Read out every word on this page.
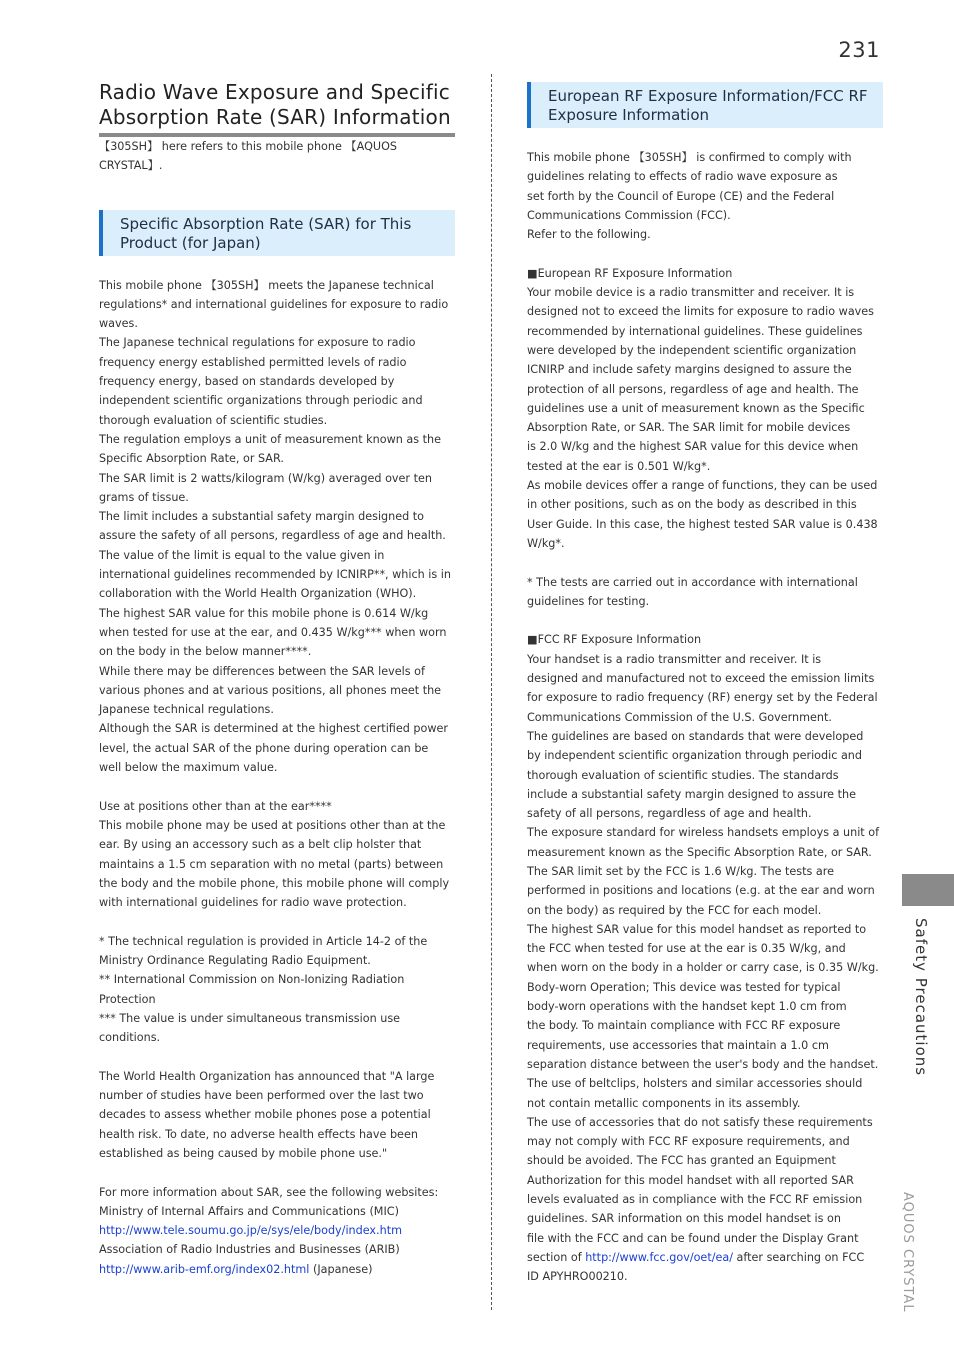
231
Radio Wave Exposure and Specific Absorption Rate (SAR) Information

【305SH】 here refers to this mobile phone 【AQUOS
CRYSTAL】.

Specific Absorption Rate (SAR) for This Product (for Japan)
This mobile phone 【305SH】 meets the Japanese technical
regulations* and international guidelines for exposure to radio
waves.
The Japanese technical regulations for exposure to radio
frequency energy established permitted levels of radio
frequency energy, based on standards developed by
independent scientific organizations through periodic and
thorough evaluation of scientific studies.
The regulation employs a unit of measurement known as the
Specific Absorption Rate, or SAR.
The SAR limit is 2 watts/kilogram (W/kg) averaged over ten
grams of tissue.
The limit includes a substantial safety margin designed to
assure the safety of all persons, regardless of age and health.
The value of the limit is equal to the value given in
international guidelines recommended by ICNIRP**, which is in
collaboration with the World Health Organization (WHO).
The highest SAR value for this mobile phone is 0.614 W/kg
when tested for use at the ear, and 0.435 W/kg*** when worn
on the body in the below manner****.
While there may be differences between the SAR levels of
various phones and at various positions, all phones meet the
Japanese technical regulations.
Although the SAR is determined at the highest certified power
level, the actual SAR of the phone during operation can be
well below the maximum value.

Use at positions other than at the ear****
This mobile phone may be used at positions other than at the
ear. By using an accessory such as a belt clip holster that
maintains a 1.5 cm separation with no metal (parts) between
the body and the mobile phone, this mobile phone will comply
with international guidelines for radio wave protection.

* The technical regulation is provided in Article 14-2 of the
Ministry Ordinance Regulating Radio Equipment.
** International Commission on Non-Ionizing Radiation
Protection
*** The value is under simultaneous transmission use
conditions.

The World Health Organization has announced that "A large
number of studies have been performed over the last two
decades to assess whether mobile phones pose a potential
health risk. To date, no adverse health effects have been
established as being caused by mobile phone use."

For more information about SAR, see the following websites:
Ministry of Internal Affairs and Communications (MIC)
http://www.tele.soumu.go.jp/e/sys/ele/body/index.htm
Association of Radio Industries and Businesses (ARIB)
http://www.arib-emf.org/index02.html (Japanese)
European RF Exposure Information/FCC RF Exposure Information
This mobile phone 【305SH】 is confirmed to comply with
guidelines relating to effects of radio wave exposure as
set forth by the Council of Europe (CE) and the Federal
Communications Commission (FCC).
Refer to the following.

■European RF Exposure Information
Your mobile device is a radio transmitter and receiver. It is
designed not to exceed the limits for exposure to radio waves
recommended by international guidelines. These guidelines
were developed by the independent scientific organization
ICNIRP and include safety margins designed to assure the
protection of all persons, regardless of age and health. The
guidelines use a unit of measurement known as the Specific
Absorption Rate, or SAR. The SAR limit for mobile devices
is 2.0 W/kg and the highest SAR value for this device when
tested at the ear is 0.501 W/kg*.
As mobile devices offer a range of functions, they can be used
in other positions, such as on the body as described in this
User Guide. In this case, the highest tested SAR value is 0.438
W/kg*.

* The tests are carried out in accordance with international
guidelines for testing.

■FCC RF Exposure Information
Your handset is a radio transmitter and receiver. It is
designed and manufactured not to exceed the emission limits
for exposure to radio frequency (RF) energy set by the Federal
Communications Commission of the U.S. Government.
The guidelines are based on standards that were developed
by independent scientific organization through periodic and
thorough evaluation of scientific studies. The standards
include a substantial safety margin designed to assure the
safety of all persons, regardless of age and health.
The exposure standard for wireless handsets employs a unit of
measurement known as the Specific Absorption Rate, or SAR.
The SAR limit set by the FCC is 1.6 W/kg. The tests are
performed in positions and locations (e.g. at the ear and worn
on the body) as required by the FCC for each model.
The highest SAR value for this model handset as reported to
the FCC when tested for use at the ear is 0.35 W/kg, and
when worn on the body in a holder or carry case, is 0.35 W/kg.
Body-worn Operation; This device was tested for typical
body-worn operations with the handset kept 1.0 cm from
the body. To maintain compliance with FCC RF exposure
requirements, use accessories that maintain a 1.0 cm
separation distance between the user's body and the handset.
The use of beltclips, holsters and similar accessories should
not contain metallic components in its assembly.
The use of accessories that do not satisfy these requirements
may not comply with FCC RF exposure requirements, and
should be avoided. The FCC has granted an Equipment
Authorization for this model handset with all reported SAR
levels evaluated as in compliance with the FCC RF emission
guidelines. SAR information on this model handset is on
file with the FCC and can be found under the Display Grant
section of http://www.fcc.gov/oet/ea/ after searching on FCC
ID APYHRO00210.
Safety Precautions
AQUOS CRYSTAL
